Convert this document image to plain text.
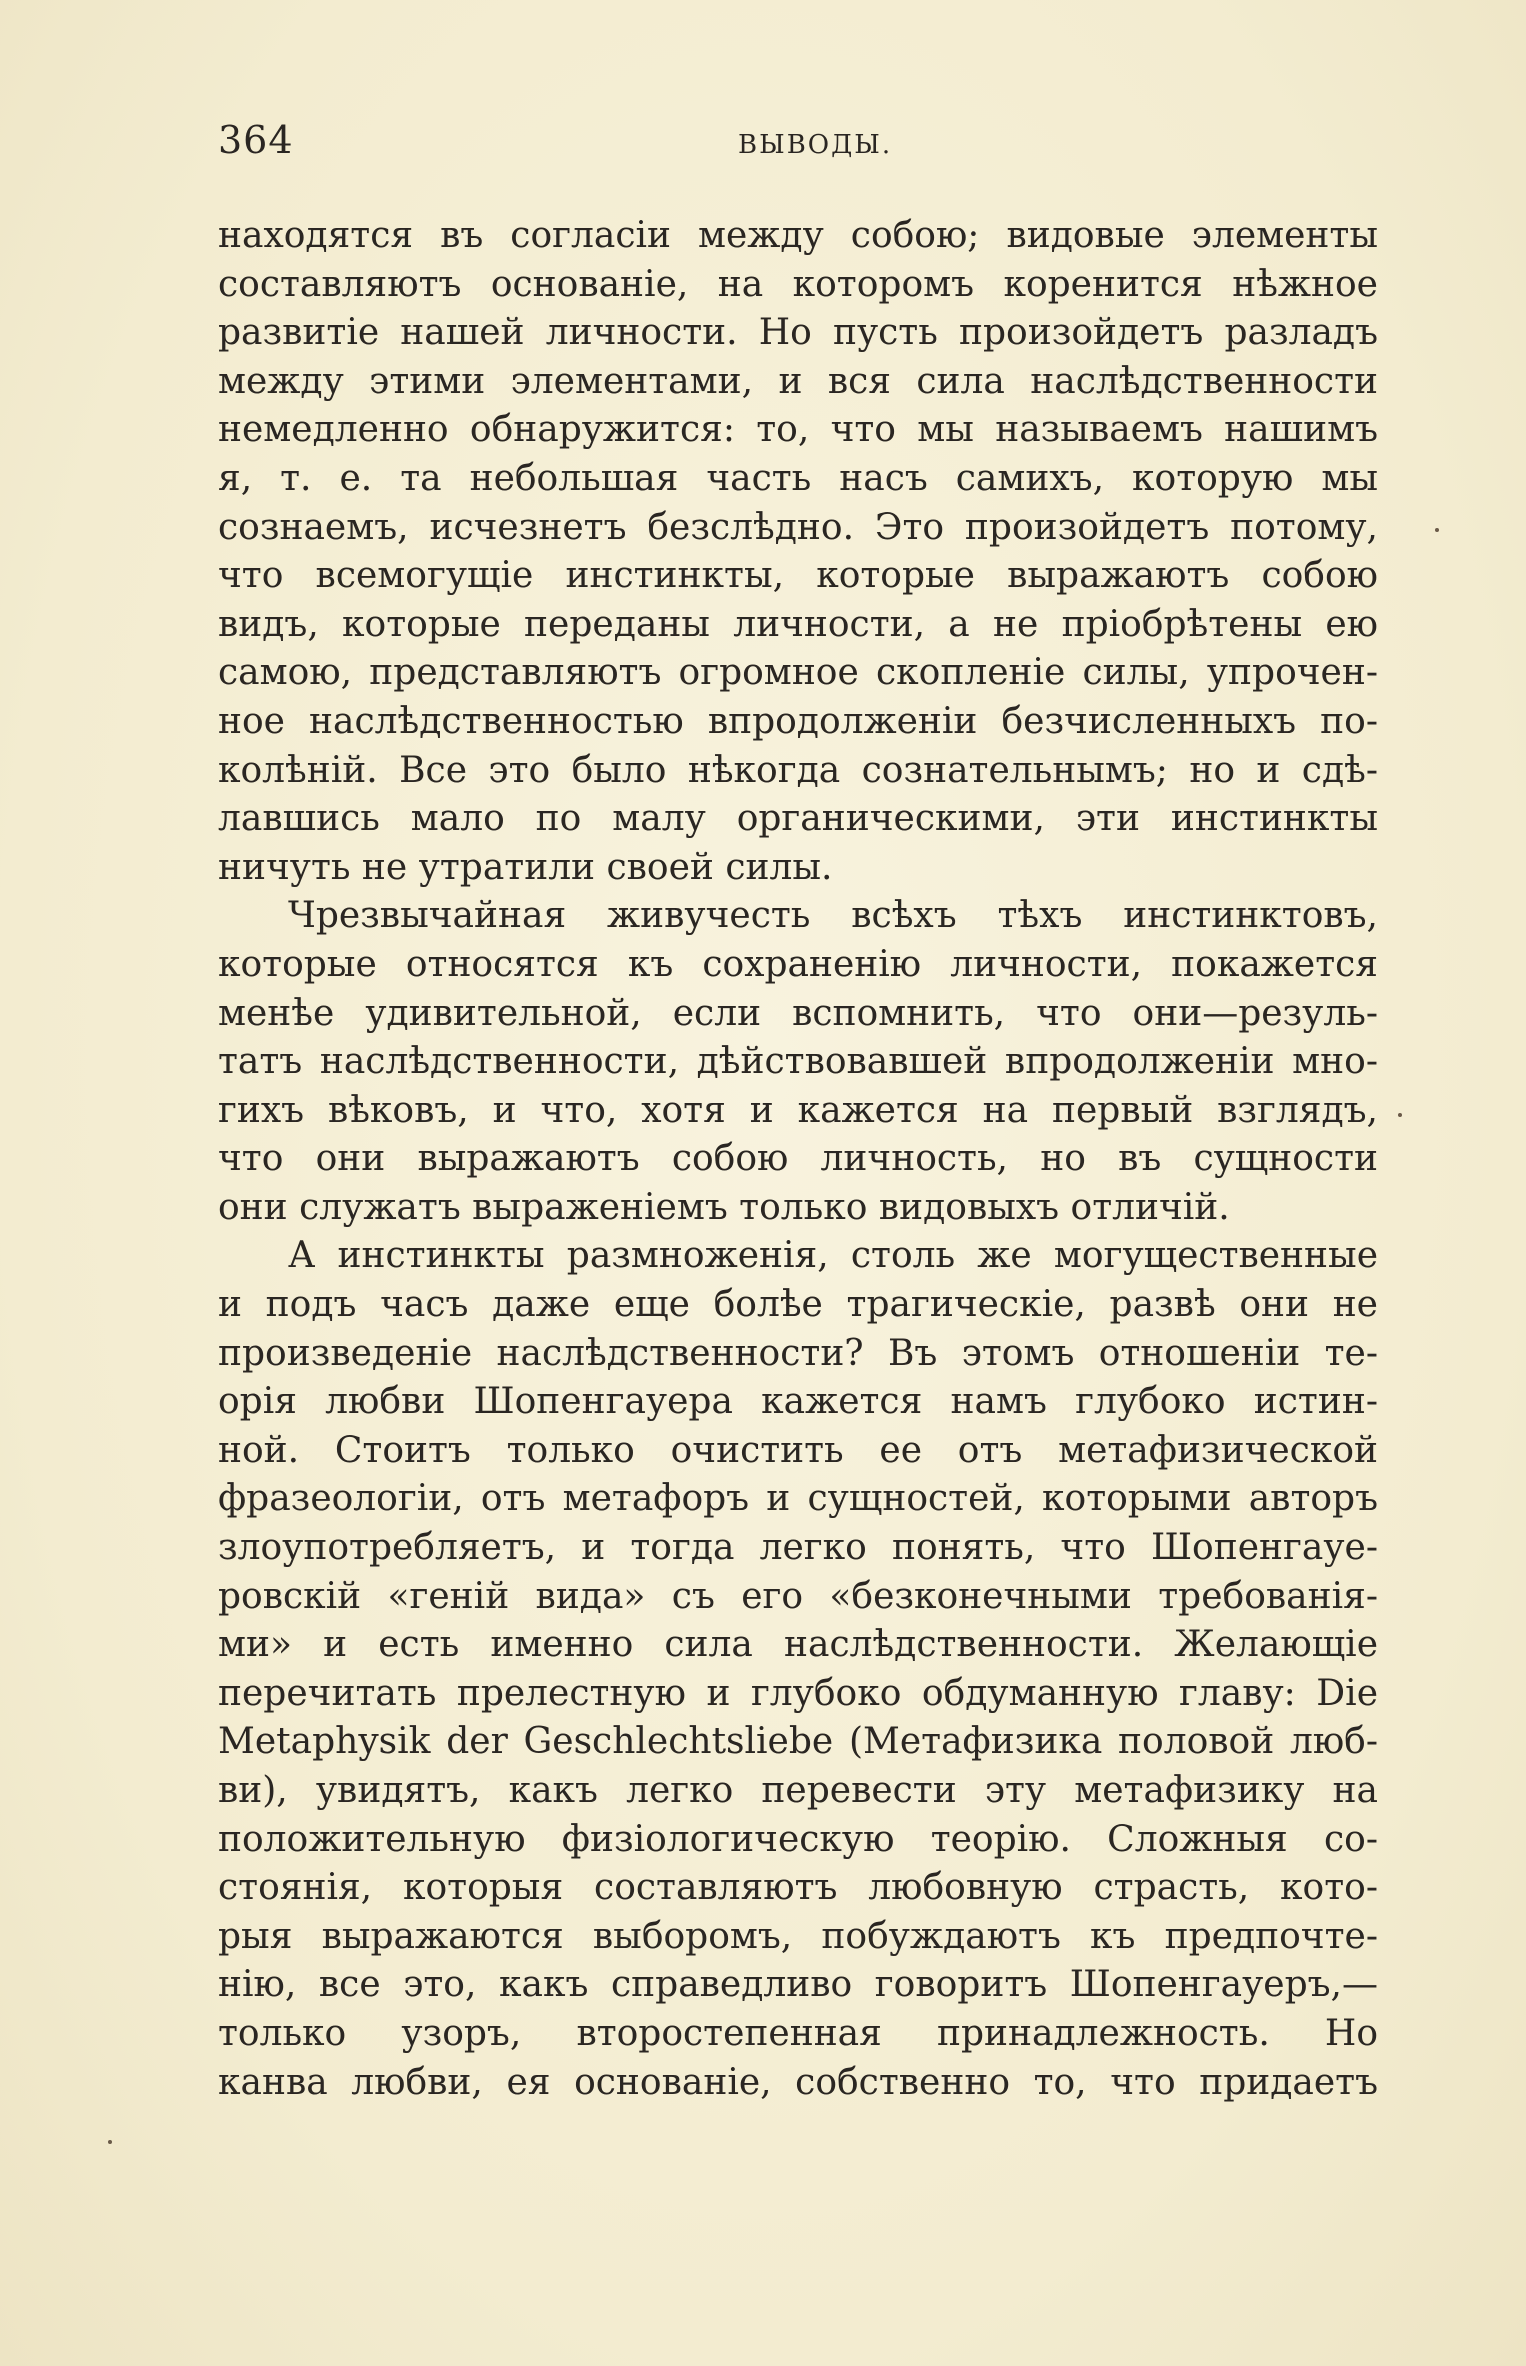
364	ВЫВОДЫ.
находятся въ согласіи между собою; видовые элементы
составляютъ основаніе, на которомъ коренится нѣжное
развитіе нашей личности. Но пусть произойдетъ разладъ
между этими элементами, и вся сила наслѣдственности
немедленно обнаружится: то, что мы называемъ нашимъ
я, т. е. та небольшая часть насъ самихъ, которую мы
сознаемъ, исчезнетъ безслѣдно. Это произойдетъ потому,
что всемогущіе инстинкты, которые выражаютъ собою
видъ, которые переданы личности, а не пріобрѣтены ею
самою, представляютъ огромное скопленіе силы, упрочен-
ное наслѣдственностью впродолженіи безчисленныхъ по-
колѣній. Все это было нѣкогда сознательнымъ; но и сдѣ-
лавшись мало по малу органическими, эти инстинкты
ничуть не утратили своей силы.
Чрезвычайная живучесть всѣхъ тѣхъ инстинктовъ,
которые относятся къ сохраненію личности, покажется
менѣе удивительной, если вспомнить, что они—резуль-
татъ наслѣдственности, дѣйствовавшей впродолженіи мно-
гихъ вѣковъ, и что, хотя и кажется на первый взглядъ,
что они выражаютъ собою личность, но въ сущности
они служатъ выраженіемъ только видовыхъ отличій.
А инстинкты размноженія, столь же могущественные
и подъ часъ даже еще болѣе трагическіе, развѣ они не
произведеніе наслѣдственности? Въ этомъ отношеніи те-
орія любви Шопенгауера кажется намъ глубоко истин-
ной. Стоитъ только очистить ее отъ метафизической
фразеологіи, отъ метафоръ и сущностей, которыми авторъ
злоупотребляетъ, и тогда легко понять, что Шопенгауе-
ровскій «геній вида» съ его «безконечными требованія-
ми» и есть именно сила наслѣдственности. Желающіе
перечитать прелестную и глубоко обдуманную главу: Die
Metaphysik der Geschlechtsliebe (Метафизика половой люб-
ви), увидятъ, какъ легко перевести эту метафизику на
положительную физіологическую теорію. Сложныя со-
стоянія, которыя составляютъ любовную страсть, кото-
рыя выражаются выборомъ, побуждаютъ къ предпочте-
нію, все это, какъ справедливо говоритъ Шопенгауеръ,—
только узоръ, второстепенная принадлежность. Но
канва любви, ея основаніе, собственно то, что придаетъ
